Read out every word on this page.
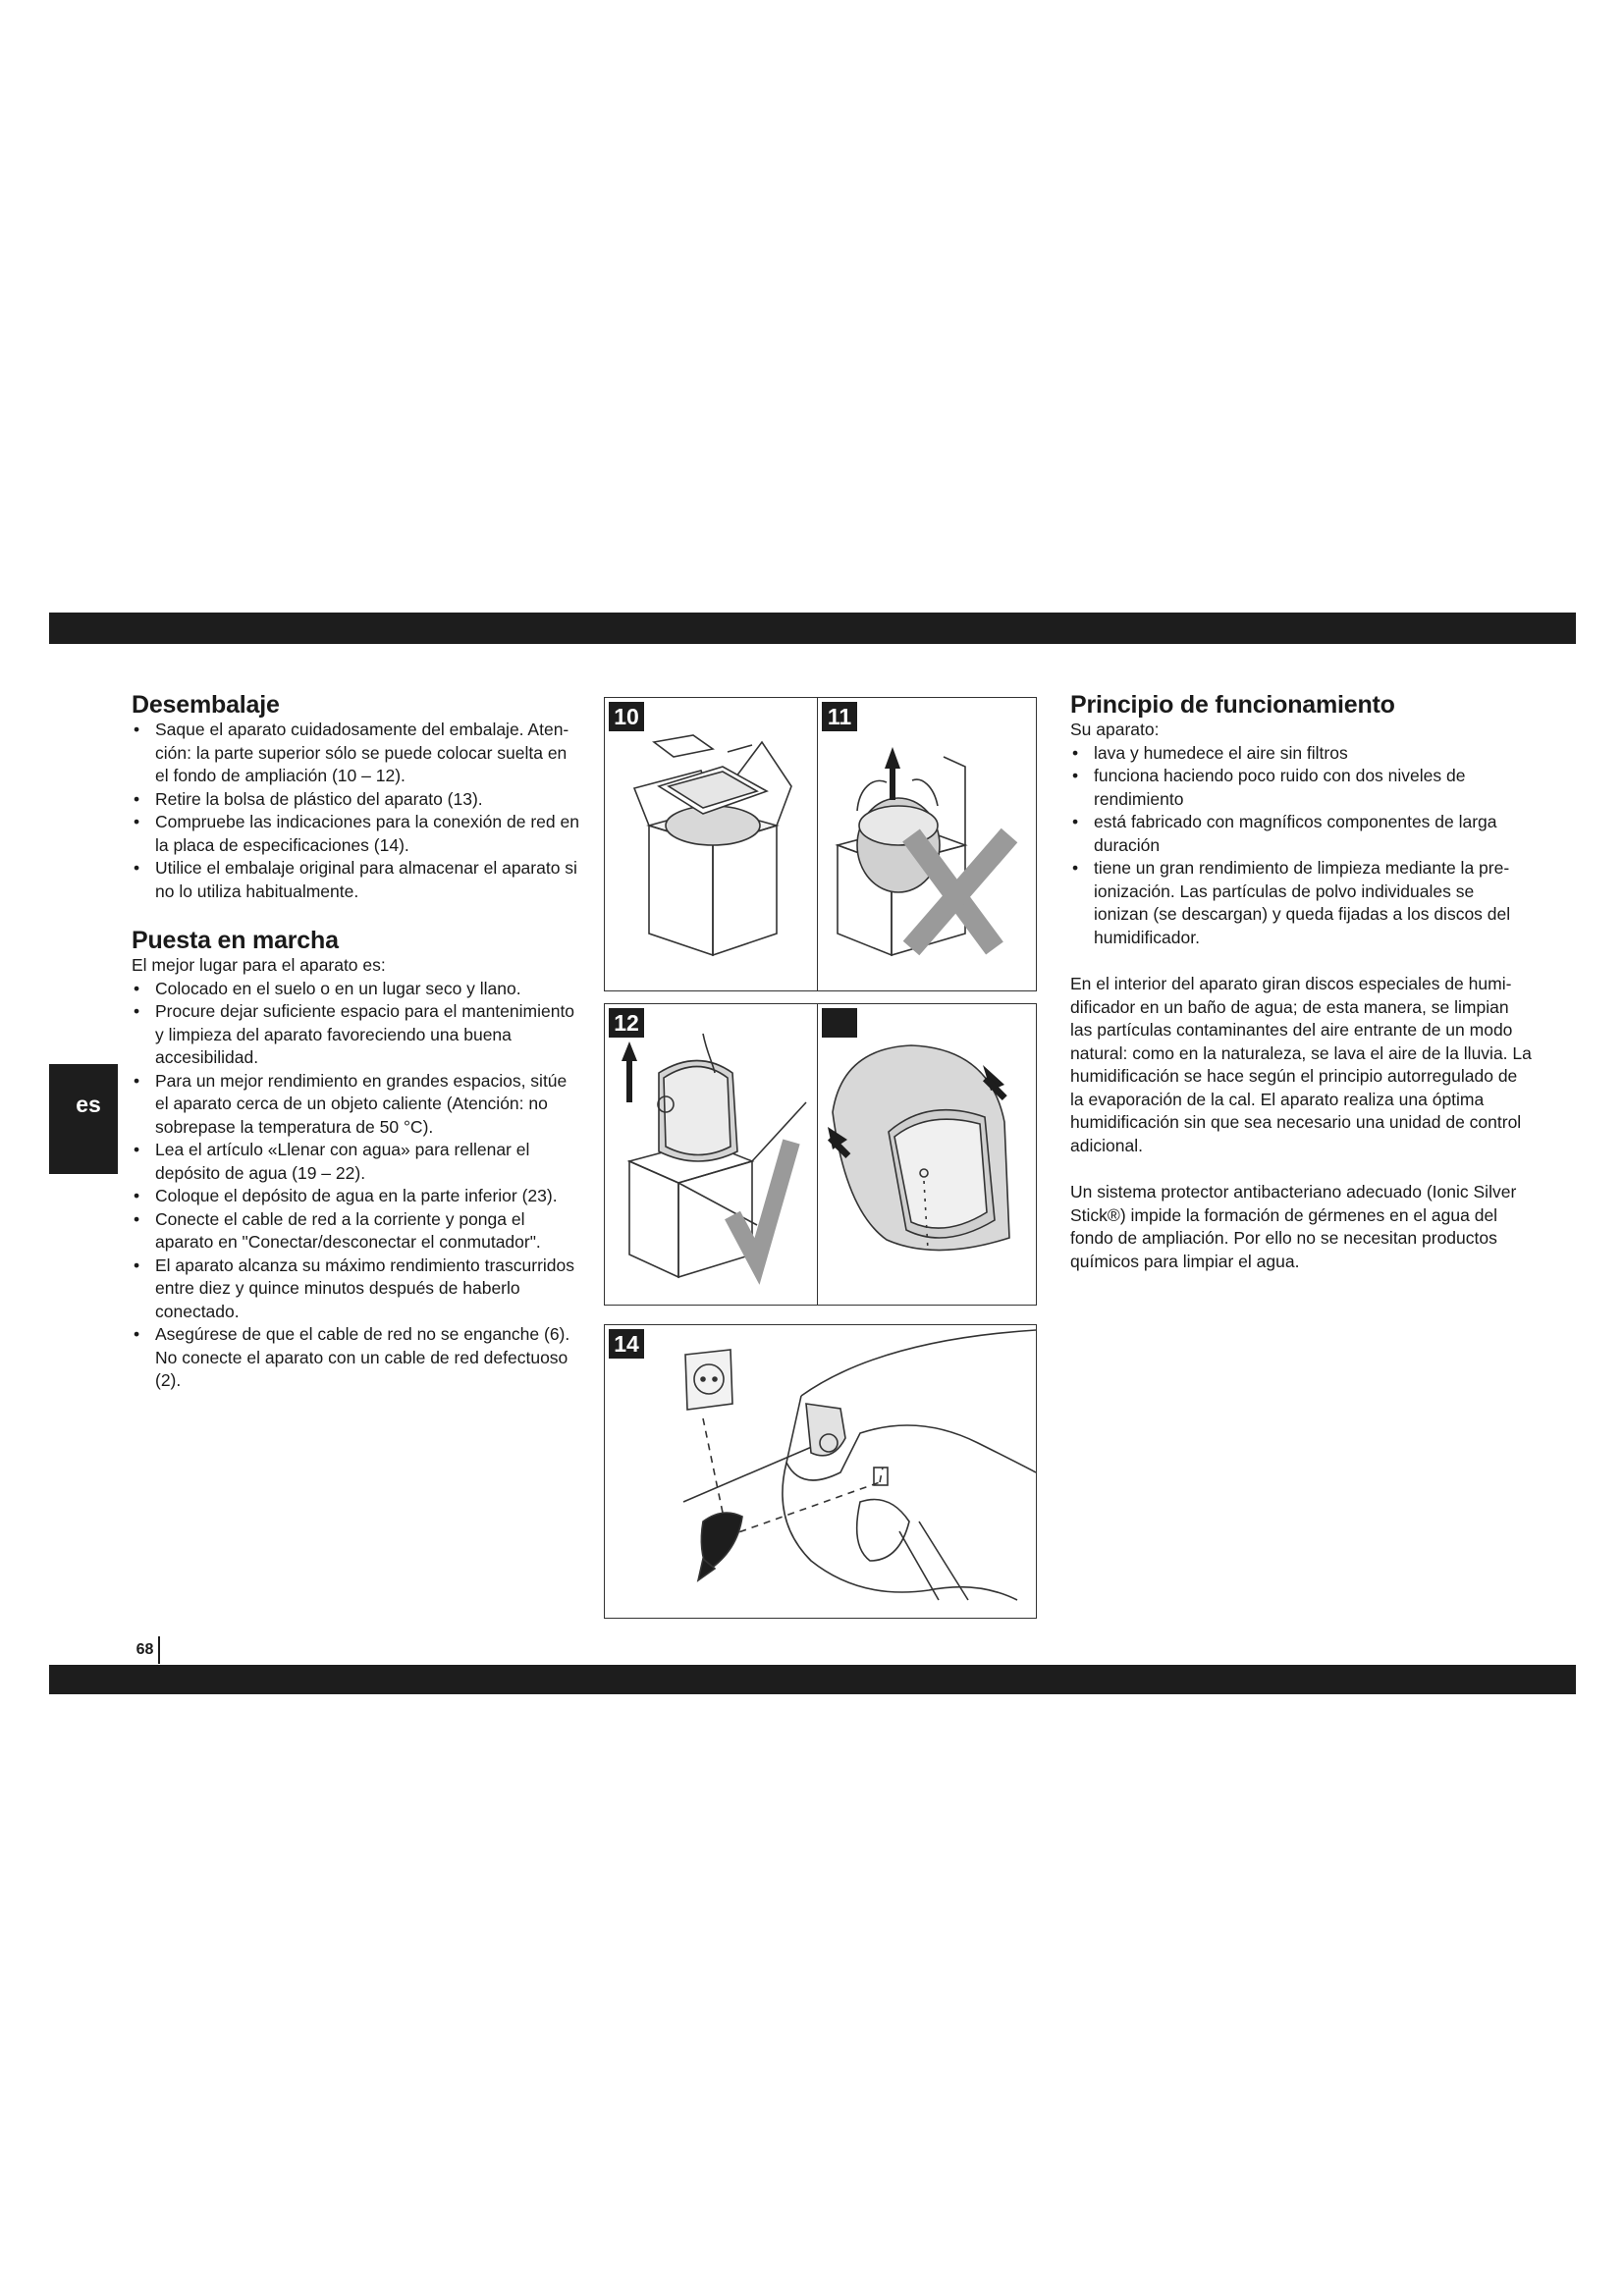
es
Desembalaje
• Saque el aparato cuidadosamente del embalaje. Aten-ción: la parte superior sólo se puede colocar suelta en el fondo de ampliación (10 – 12).
• Retire la bolsa de plástico del aparato (13).
• Compruebe las indicaciones para la conexión de red en la placa de especificaciones (14).
• Utilice el embalaje original para almacenar el aparato si no lo utiliza habitualmente.
Puesta en marcha

El mejor lugar para el aparato es:

• Colocado en el suelo o en un lugar seco y llano.
• Procure dejar suficiente espacio para el mantenimiento y limpieza del aparato favoreciendo una buena accesibilidad.
• Para un mejor rendimiento en grandes espacios, sitúe el aparato cerca de un objeto caliente (Atención: no sobrepase la temperatura de 50 °C).
• Lea el artículo «Llenar con agua» para rellenar el depósito de agua (19 – 22).
• Coloque el depósito de agua en la parte inferior (23).
• Conecte el cable de red a la corriente y ponga el aparato en "Conectar/desconectar el conmutador".
• El aparato alcanza su máximo rendimiento trascurridos entre diez y quince minutos después de haberlo conectado.
• Asegúrese de que el cable de red no se enganche (6). No conecte el aparato con un cable de red defectuoso (2).
10	11
12
14
Principio de funcionamiento

Su aparato:

• lava y humedece el aire sin filtros
• funciona haciendo poco ruido con dos niveles de rendimiento
• está fabricado con magníficos componentes de larga duración
• tiene un gran rendimiento de limpieza mediante la pre-ionización. Las partículas de polvo individuales se ionizan (se descargan) y queda fijadas a los discos del humidificador.

En el interior del aparato giran discos especiales de humi-dificador en un baño de agua; de esta manera, se limpian las partículas contaminantes del aire entrante de un modo natural: como en la naturaleza, se lava el aire de la lluvia. La humidificación se hace según el principio autorregulado de la evaporación de la cal. El aparato realiza una óptima humidificación sin que sea necesario una unidad de control adicional.

Un sistema protector antibacteriano adecuado (Ionic Silver Stick®) impide la formación de gérmenes en el agua del fondo de ampliación. Por ello no se necesitan productos químicos para limpiar el agua.

68
